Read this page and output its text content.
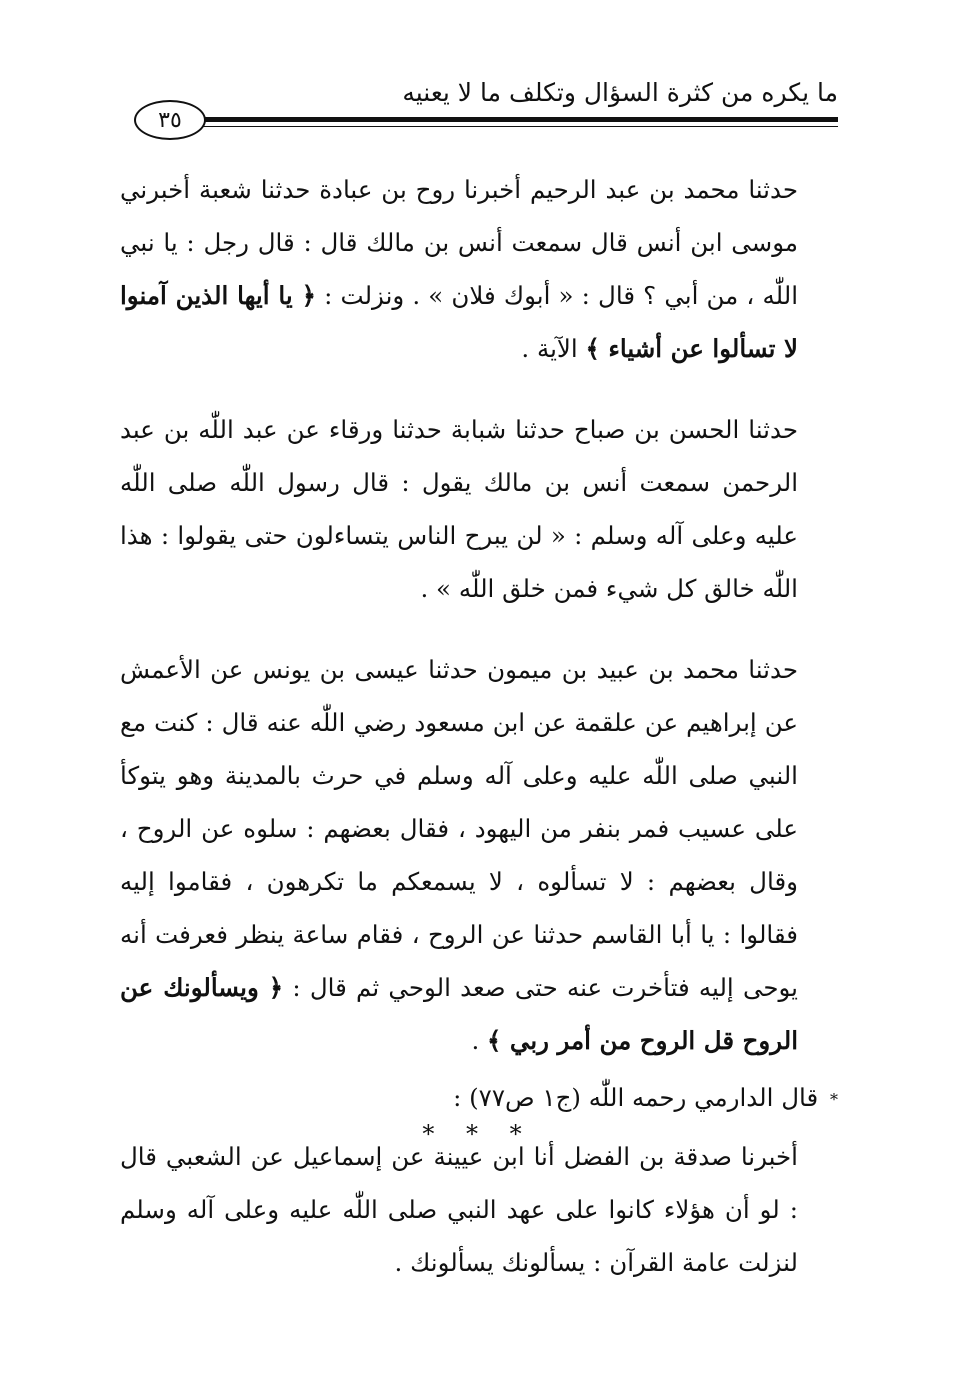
ما يكره من كثرة السؤال وتكلف ما لا يعنيه
٣٥

حدثنا محمد بن عبد الرحيم أخبرنا روح بن عبادة حدثنا شعبة أخبرني موسى ابن أنس قال سمعت أنس بن مالك قال : قال رجل : يا نبي اللّٰه ، من أبي ؟ قال : « أبوك فلان » . ونزلت : ﴿ يا أيها الذين آمنوا لا تسألوا عن أشياء ﴾ الآية .

حدثنا الحسن بن صباح حدثنا شبابة حدثنا ورقاء عن عبد اللّٰه بن عبد الرحمن سمعت أنس بن مالك يقول : قال رسول اللّٰه صلى اللّٰه عليه وعلى آله وسلم : « لن يبرح الناس يتساءلون حتى يقولوا : هذا اللّٰه خالق كل شيء فمن خلق اللّٰه » .

حدثنا محمد بن عبيد بن ميمون حدثنا عيسى بن يونس عن الأعمش عن إبراهيم عن علقمة عن ابن مسعود رضي اللّٰه عنه قال : كنت مع النبي صلى اللّٰه عليه وعلى آله وسلم في حرث بالمدينة وهو يتوكأ على عسيب فمر بنفر من اليهود ، فقال بعضهم : سلوه عن الروح ، وقال بعضهم : لا تسألوه ، لا يسمعكم ما تكرهون ، فقاموا إليه فقالوا : يا أبا القاسم حدثنا عن الروح ، فقام ساعة ينظر فعرفت أنه يوحى إليه فتأخرت عنه حتى صعد الوحي ثم قال : ﴿ ويسألونك عن الروح قل الروح من أمر ربي ﴾ .

* قال الدارمي رحمه اللّٰه (ج١ ص٧٧) :

أخبرنا صدقة بن الفضل أنا ابن عيينة عن إسماعيل عن الشعبي قال : لو أن هؤلاء كانوا على عهد النبي صلى اللّٰه عليه وعلى آله وسلم لنزلت عامة القرآن : يسألونك يسألونك .

* * *
